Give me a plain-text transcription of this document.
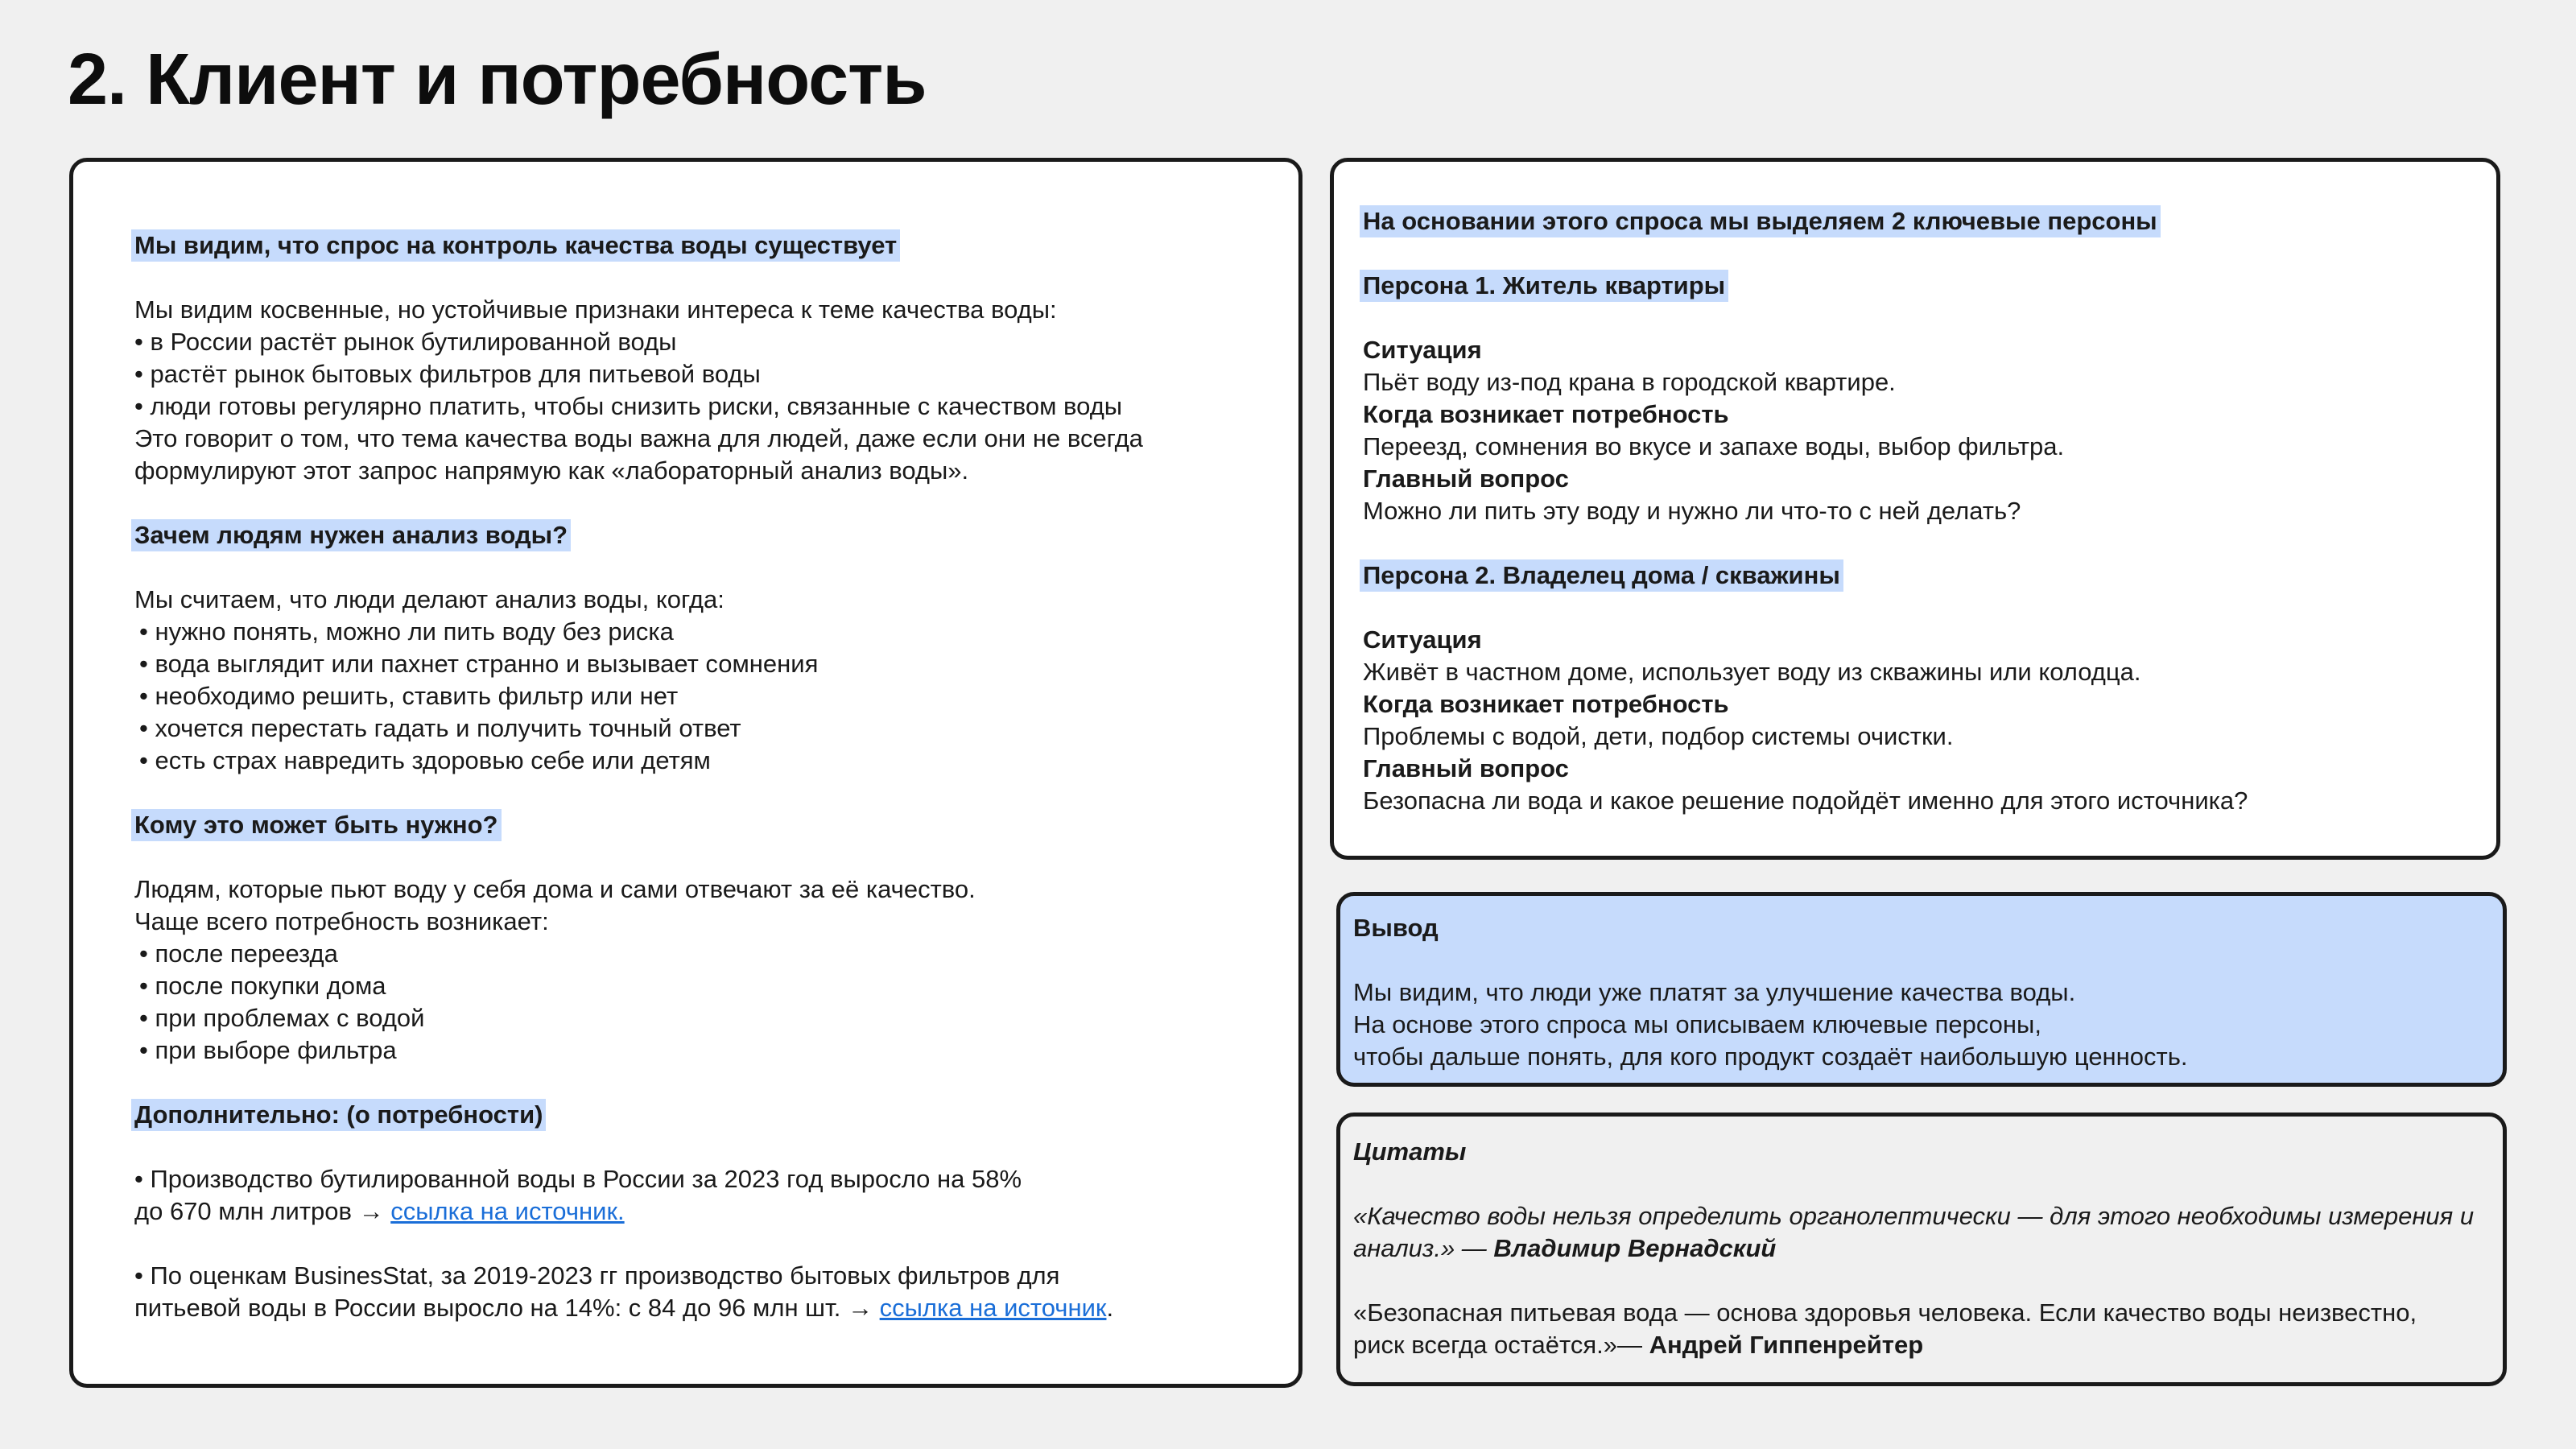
2. Клиент и потребность
Мы видим, что спрос на контроль качества воды существует
Мы видим косвенные, но устойчивые признаки интереса к теме качества воды:
• в России растёт рынок бутилированной воды
• растёт рынок бытовых фильтров для питьевой воды
• люди готовы регулярно платить, чтобы снизить риски, связанные с качеством воды
Это говорит о том, что тема качества воды важна для людей, даже если они не всегда
формулируют этот запрос напрямую как «лабораторный анализ воды».
Зачем людям нужен анализ воды?
Мы считаем, что люди делают анализ воды, когда:
• нужно понять, можно ли пить воду без риска
• вода выглядит или пахнет странно и вызывает сомнения
• необходимо решить, ставить фильтр или нет
• хочется перестать гадать и получить точный ответ
• есть страх навредить здоровью себе или детям
Кому это может быть нужно?
Людям, которые пьют воду у себя дома и сами отвечают за её качество.
Чаще всего потребность возникает:
• после переезда
• после покупки дома
• при проблемах с водой
• при выборе фильтра
Дополнительно: (о потребности)
• Производство бутилированной воды в России за 2023 год выросло на 58%
до 670 млн литров → ссылка на источник.
• По оценкам BusinesStat, за 2019-2023 гг производство бытовых фильтров для
питьевой воды в России выросло на 14%: с 84 до 96 млн шт. → ссылка на источник.
На основании этого спроса мы выделяем 2 ключевые персоны
Персона 1. Житель квартиры
Ситуация
Пьёт воду из-под крана в городской квартире.
Когда возникает потребность
Переезд, сомнения во вкусе и запахе воды, выбор фильтра.
Главный вопрос
Можно ли пить эту воду и нужно ли что-то с ней делать?
Персона 2. Владелец дома / скважины
Ситуация
Живёт в частном доме, использует воду из скважины или колодца.
Когда возникает потребность
Проблемы с водой, дети, подбор системы очистки.
Главный вопрос
Безопасна ли вода и какое решение подойдёт именно для этого источника?
Вывод
Мы видим, что люди уже платят за улучшение качества воды.
На основе этого спроса мы описываем ключевые персоны,
чтобы дальше понять, для кого продукт создаёт наибольшую ценность.
Цитаты
«Качество воды нельзя определить органолептически — для этого необходимы измерения и
анализ.» — Владимир Вернадский
«Безопасная питьевая вода — основа здоровья человека. Если качество воды неизвестно,
риск всегда остаётся.»— Андрей Гиппенрейтер
